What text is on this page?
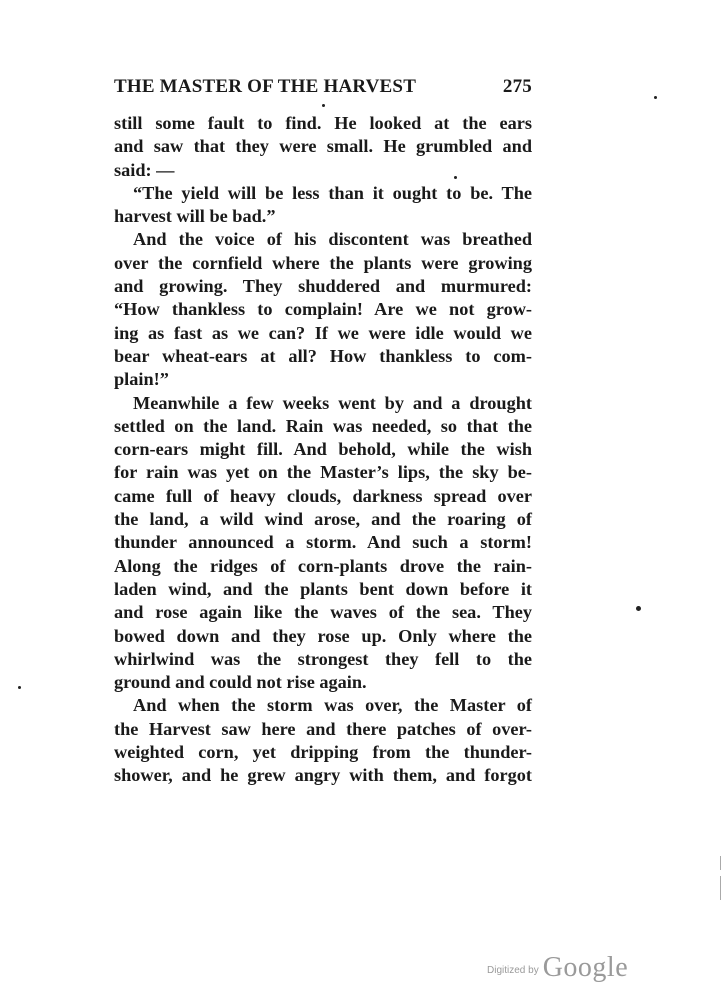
THE MASTER OF THE HARVEST	275
still some fault to find. He looked at the ears
and saw that they were small. He grumbled and
said: —
“The yield will be less than it ought to be. The
harvest will be bad.”
And the voice of his discontent was breathed
over the cornfield where the plants were growing
and growing. They shuddered and murmured:
“How thankless to complain! Are we not grow-
ing as fast as we can? If we were idle would we
bear wheat-ears at all? How thankless to com-
plain!”
Meanwhile a few weeks went by and a drought
settled on the land. Rain was needed, so that the
corn-ears might fill. And behold, while the wish
for rain was yet on the Master’s lips, the sky be-
came full of heavy clouds, darkness spread over
the land, a wild wind arose, and the roaring of
thunder announced a storm. And such a storm!
Along the ridges of corn-plants drove the rain-
laden wind, and the plants bent down before it
and rose again like the waves of the sea. They
bowed down and they rose up. Only where the
whirlwind was the strongest they fell to the
ground and could not rise again.
And when the storm was over, the Master of
the Harvest saw here and there patches of over-
weighted corn, yet dripping from the thunder-
shower, and he grew angry with them, and forgot
Digitized by Google
